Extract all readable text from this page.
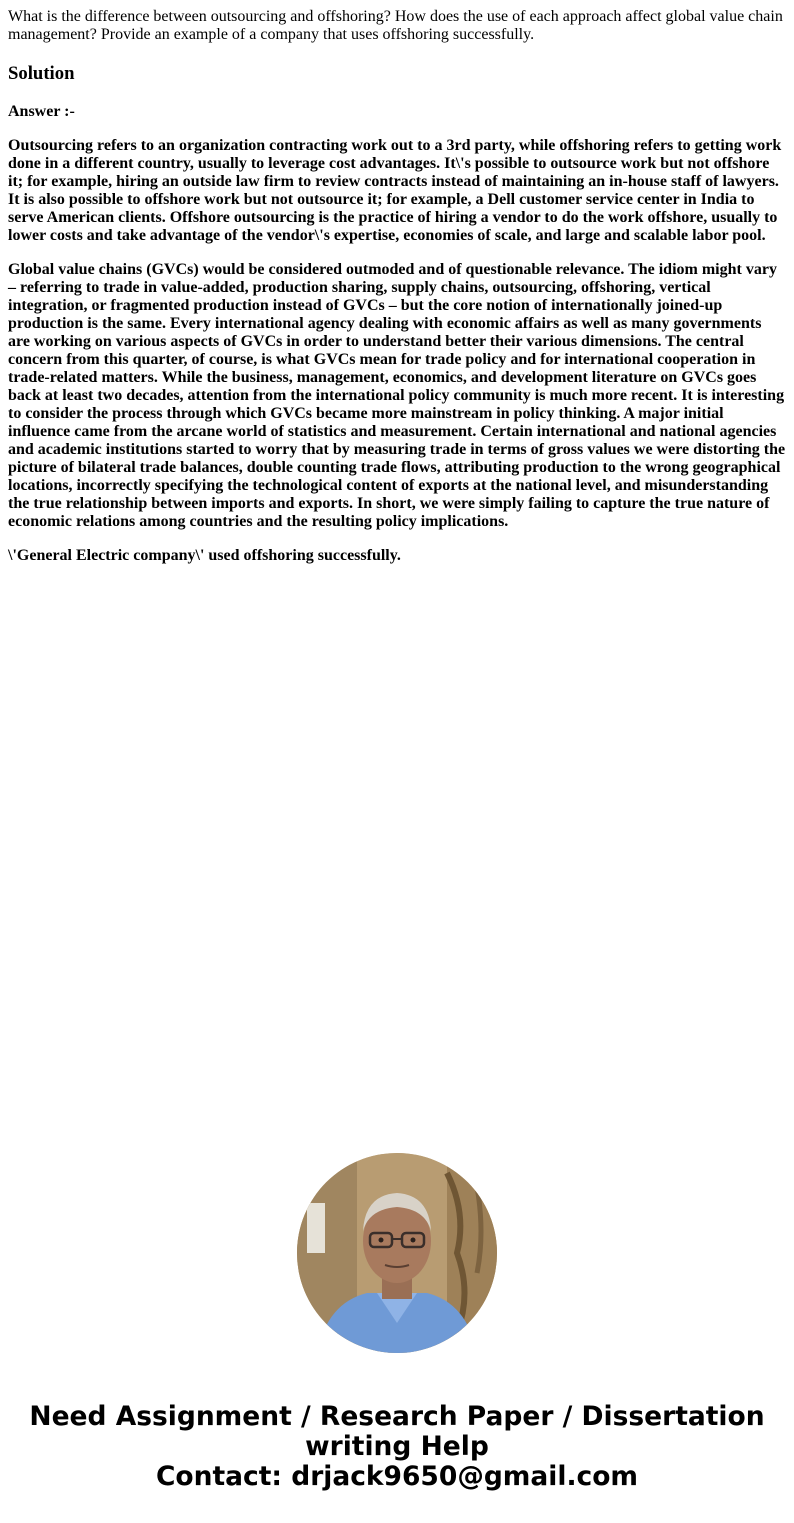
What is the difference between outsourcing and offshoring? How does the use of each approach affect global value chain management? Provide an example of a company that uses offshoring successfully.

Solution

Answer :-

Outsourcing refers to an organization contracting work out to a 3rd party, while offshoring refers to getting work done in a different country, usually to leverage cost advantages. It\'s possible to outsource work but not offshore it; for example, hiring an outside law firm to review contracts instead of maintaining an in-house staff of lawyers. It is also possible to offshore work but not outsource it; for example, a Dell customer service center in India to serve American clients. Offshore outsourcing is the practice of hiring a vendor to do the work offshore, usually to lower costs and take advantage of the vendor\'s expertise, economies of scale, and large and scalable labor pool.

Global value chains (GVCs) would be considered outmoded and of questionable relevance. The idiom might vary – referring to trade in value-added, production sharing, supply chains, outsourcing, offshoring, vertical integration, or fragmented production instead of GVCs – but the core notion of internationally joined-up production is the same. Every international agency dealing with economic affairs as well as many governments are working on various aspects of GVCs in order to understand better their various dimensions. The central concern from this quarter, of course, is what GVCs mean for trade policy and for international cooperation in trade-related matters. While the business, management, economics, and development literature on GVCs goes back at least two decades, attention from the international policy community is much more recent. It is interesting to consider the process through which GVCs became more mainstream in policy thinking. A major initial influence came from the arcane world of statistics and measurement. Certain international and national agencies and academic institutions started to worry that by measuring trade in terms of gross values we were distorting the picture of bilateral trade balances, double counting trade flows, attributing production to the wrong geographical locations, incorrectly specifying the technological content of exports at the national level, and misunderstanding the true relationship between imports and exports. In short, we were simply failing to capture the true nature of economic relations among countries and the resulting policy implications.

\'General Electric company\' used offshoring successfully.

Need Assignment / Research Paper / Dissertation
writing Help
Contact: drjack9650@gmail.com
